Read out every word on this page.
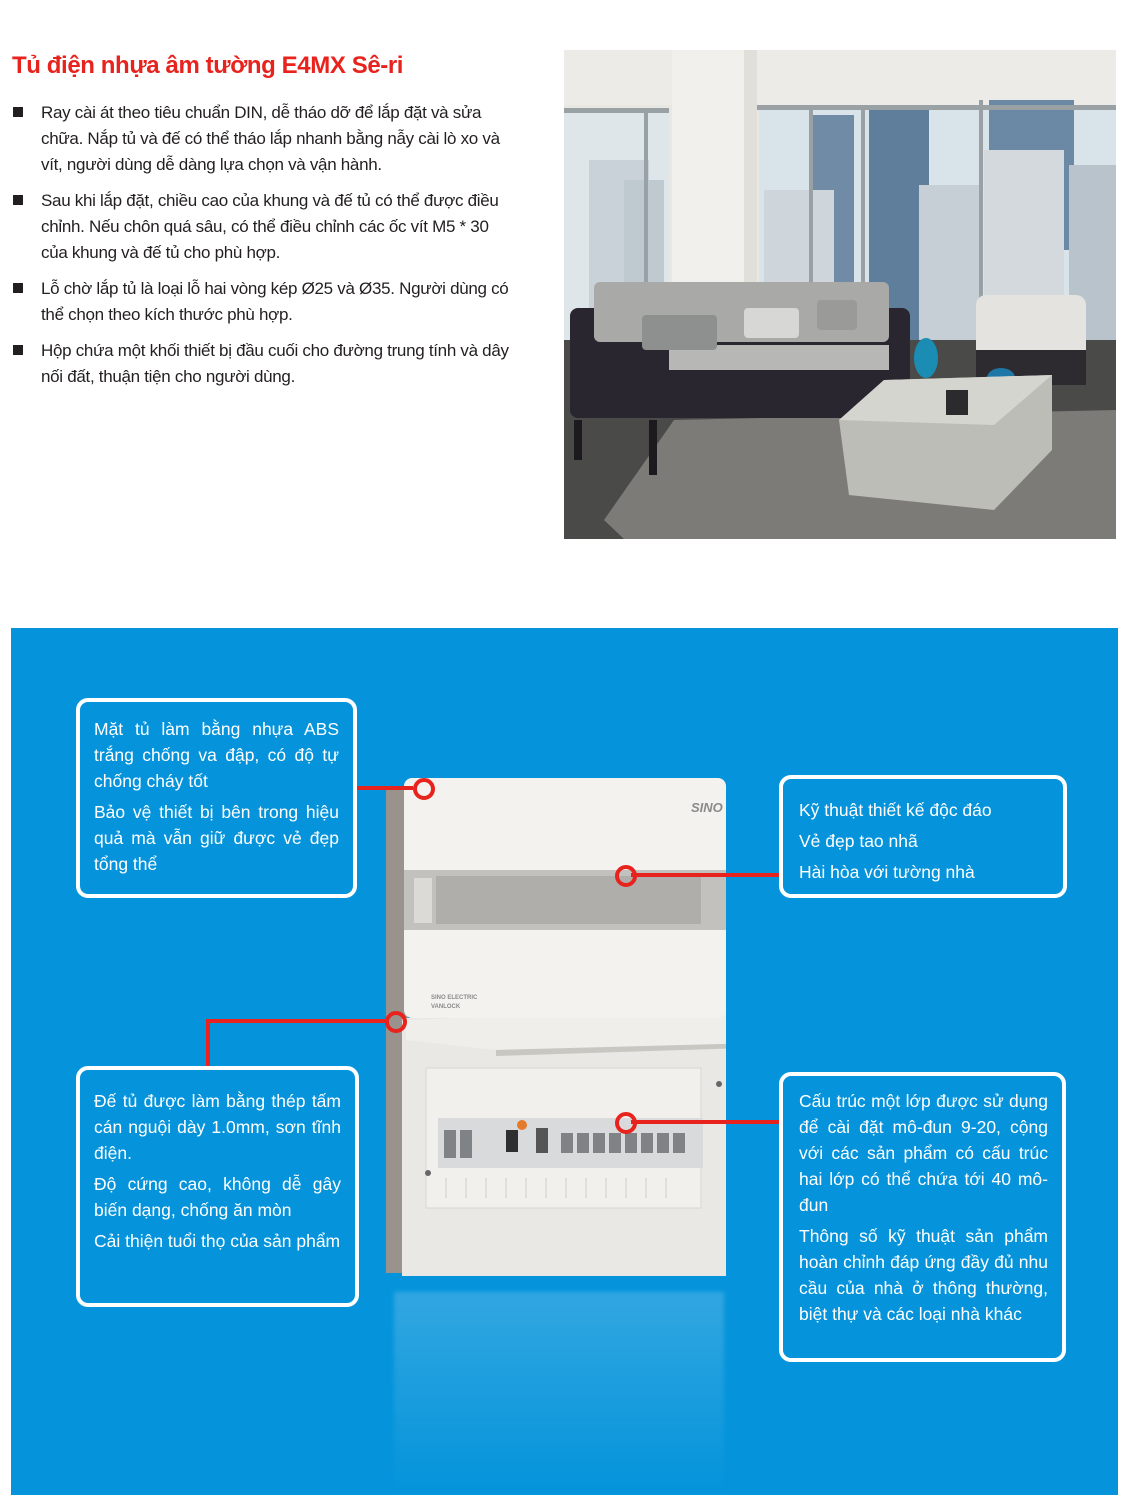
Tủ điện nhựa âm tường E4MX Sê-ri
Ray cài át theo tiêu chuẩn DIN, dễ tháo dỡ để lắp đặt và sửa chữa. Nắp tủ và đế có thể tháo lắp nhanh bằng nẫy cài lò xo và vít, người dùng dễ dàng lựa chọn và vận hành.
Sau khi lắp đặt, chiều cao của khung và đế tủ có thể được điều chỉnh. Nếu chôn quá sâu, có thể điều chỉnh các ốc vít M5 * 30 của khung và đế tủ cho phù hợp.
Lỗ chờ lắp tủ là loại lỗ hai vòng kép Ø25 và Ø35. Người dùng có thể chọn theo kích thước phù hợp.
Hộp chứa một khối thiết bị đầu cuối cho đường trung tính và dây nối đất, thuận tiện cho người dùng.
SINO
SINO ELECTRIC
VANLOCK

Mặt tủ làm bằng nhựa ABS trắng chống va đập, có độ tự chống cháy tốt

Bảo vệ thiết bị bên trong hiệu quả mà vẫn giữ được vẻ đẹp tổng thể

Kỹ thuật thiết kế độc đáo

Vẻ đẹp tao nhã

Hài hòa với tường nhà

Đế tủ được làm bằng thép tấm cán nguội dày 1.0mm, sơn tĩnh điện.

Độ cứng cao, không dễ gây biến dạng, chống ăn mòn

Cải thiện tuổi thọ của sản phẩm

Cấu trúc một lớp được sử dụng để cài đặt mô-đun 9-20, cộng với các sản phẩm có cấu trúc hai lớp có thể chứa tới 40 mô-đun

Thông số kỹ thuật sản phẩm hoàn chỉnh đáp ứng đầy đủ nhu cầu của nhà ở thông thường, biệt thự và các loại nhà khác
